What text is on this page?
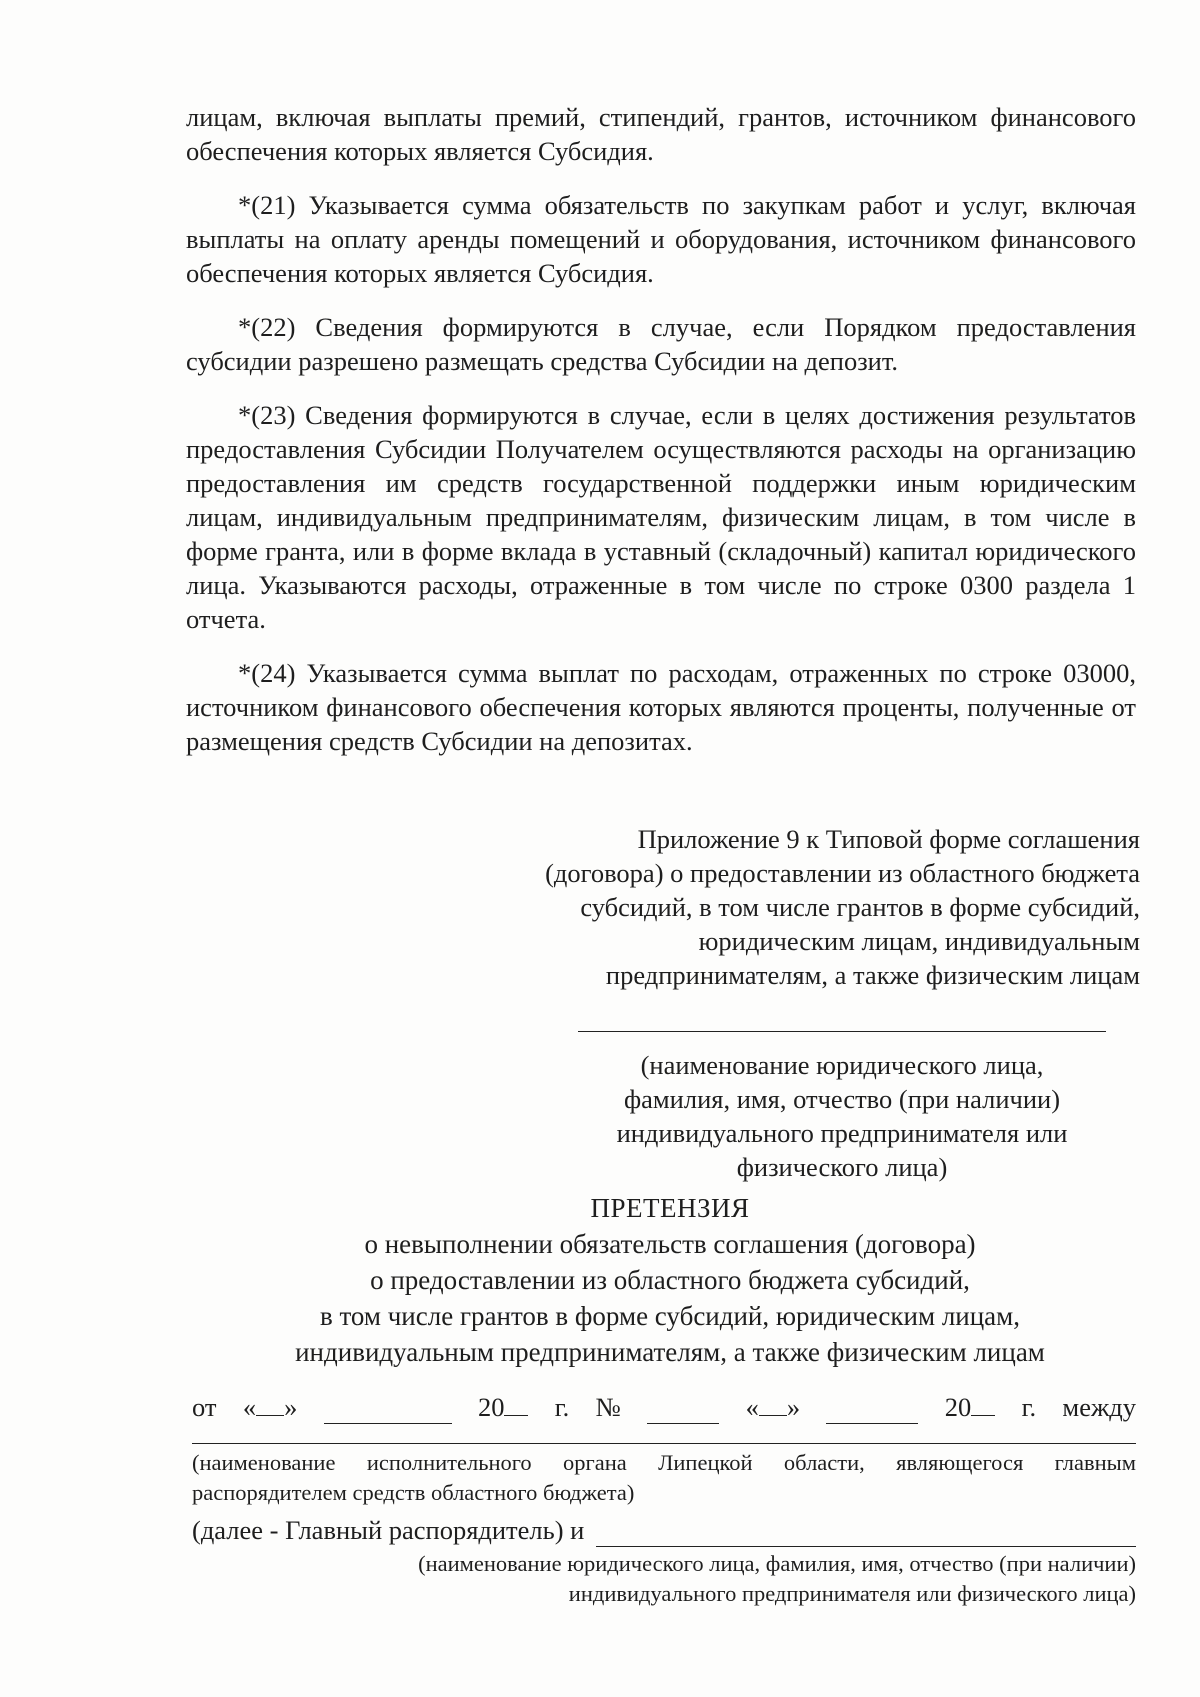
лицам, включая выплаты премий, стипендий, грантов, источником финансового обеспечения которых является Субсидия.

*(21) Указывается сумма обязательств по закупкам работ и услуг, включая выплаты на оплату аренды помещений и оборудования, источником финансового обеспечения которых является Субсидия.

*(22) Сведения формируются в случае, если Порядком предоставления субсидии разрешено размещать средства Субсидии на депозит.

*(23) Сведения формируются в случае, если в целях достижения результатов предоставления Субсидии Получателем осуществляются расходы на организацию предоставления им средств государственной поддержки иным юридическим лицам, индивидуальным предпринимателям, физическим лицам, в том числе в форме гранта, или в форме вклада в уставный (складочный) капитал юридического лица. Указываются расходы, отраженные в том числе по строке 0300 раздела 1 отчета.

*(24) Указывается сумма выплат по расходам, отраженных по строке 03000, источником финансового обеспечения которых являются проценты, полученные от размещения средств Субсидии на депозитах.

Приложение 9 к Типовой форме соглашения
(договора) о предоставлении из областного бюджета
субсидий, в том числе грантов в форме субсидий,
юридическим лицам, индивидуальным
предпринимателям, а также физическим лицам
(наименование юридического лица,
фамилия, имя, отчество (при наличии)
индивидуального предпринимателя или
физического лица)
ПРЕТЕНЗИЯ
о невыполнении обязательств соглашения (договора)
о предоставлении из областного бюджета субсидий,
в том числе грантов в форме субсидий, юридическим лицам,
индивидуальным предпринимателям, а также физическим лицам
от « »	20	г. №	« »	20	г. между
(наименование исполнительного органа Липецкой области, являющегося главным распорядителем средств областного бюджета)
(далее - Главный распорядитель) и
(наименование юридического лица, фамилия, имя, отчество (при наличии)
индивидуального предпринимателя или физического лица)
